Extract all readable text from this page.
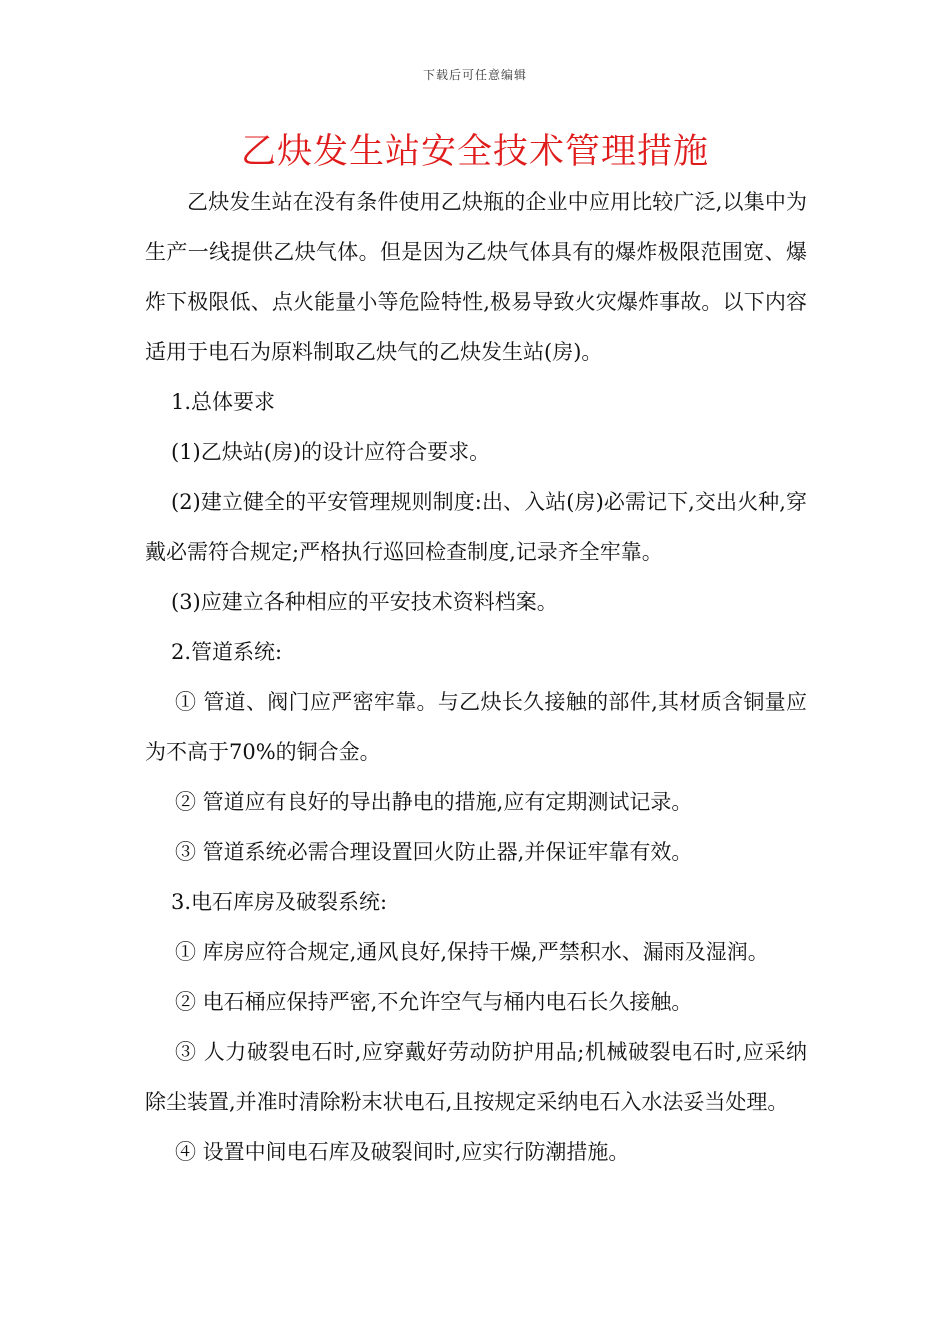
下载后可任意编辑
乙炔发生站安全技术管理措施

乙炔发生站在没有条件使用乙炔瓶的企业中应用比较广泛,以集中为生产一线提供乙炔气体。但是因为乙炔气体具有的爆炸极限范围宽、爆炸下极限低、点火能量小等危险特性,极易导致火灾爆炸事故。以下内容适用于电石为原料制取乙炔气的乙炔发生站(房)。

1.总体要求

(1)乙炔站(房)的设计应符合要求。

(2)建立健全的平安管理规则制度:出、入站(房)必需记下,交出火种,穿戴必需符合规定;严格执行巡回检查制度,记录齐全牢靠。

(3)应建立各种相应的平安技术资料档案。

2.管道系统:

① 管道、阀门应严密牢靠。与乙炔长久接触的部件,其材质含铜量应为不高于70%的铜合金。

② 管道应有良好的导出静电的措施,应有定期测试记录。

③ 管道系统必需合理设置回火防止器,并保证牢靠有效。

3.电石库房及破裂系统:

① 库房应符合规定,通风良好,保持干燥,严禁积水、漏雨及湿润。

② 电石桶应保持严密,不允许空气与桶内电石长久接触。

③ 人力破裂电石时,应穿戴好劳动防护用品;机械破裂电石时,应采纳除尘装置,并准时清除粉末状电石,且按规定采纳电石入水法妥当处理。

④ 设置中间电石库及破裂间时,应实行防潮措施。
